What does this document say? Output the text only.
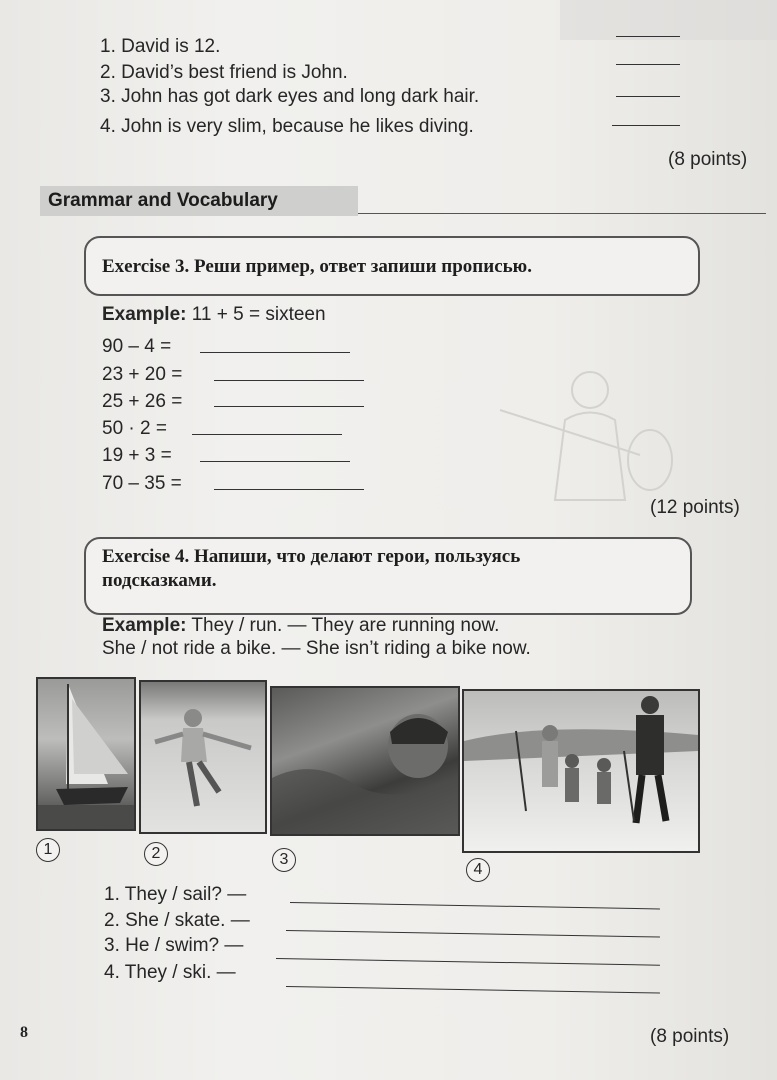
1. David is 12.
2. David’s best friend is John.
3. John has got dark eyes and long dark hair.
4. John is very slim, because he likes diving.
(8 points)
Grammar and Vocabulary
Exercise 3. Реши пример, ответ запиши прописью.
Example: 11 + 5 = sixteen
90 – 4 =
23 + 20 =
25 + 26 =
50 · 2 =
19 + 3 =
70 – 35 =
(12 points)
Exercise 4. Напиши, что делают герои, пользуясь
подсказками.
Example: They / run. — They are running now.
She / not ride a bike. — She isn’t riding a bike now.
1	2	3
4
1. They / sail? —
2. She / skate. —
3. He / swim? —
4. They / ski. —
8	(8 points)
